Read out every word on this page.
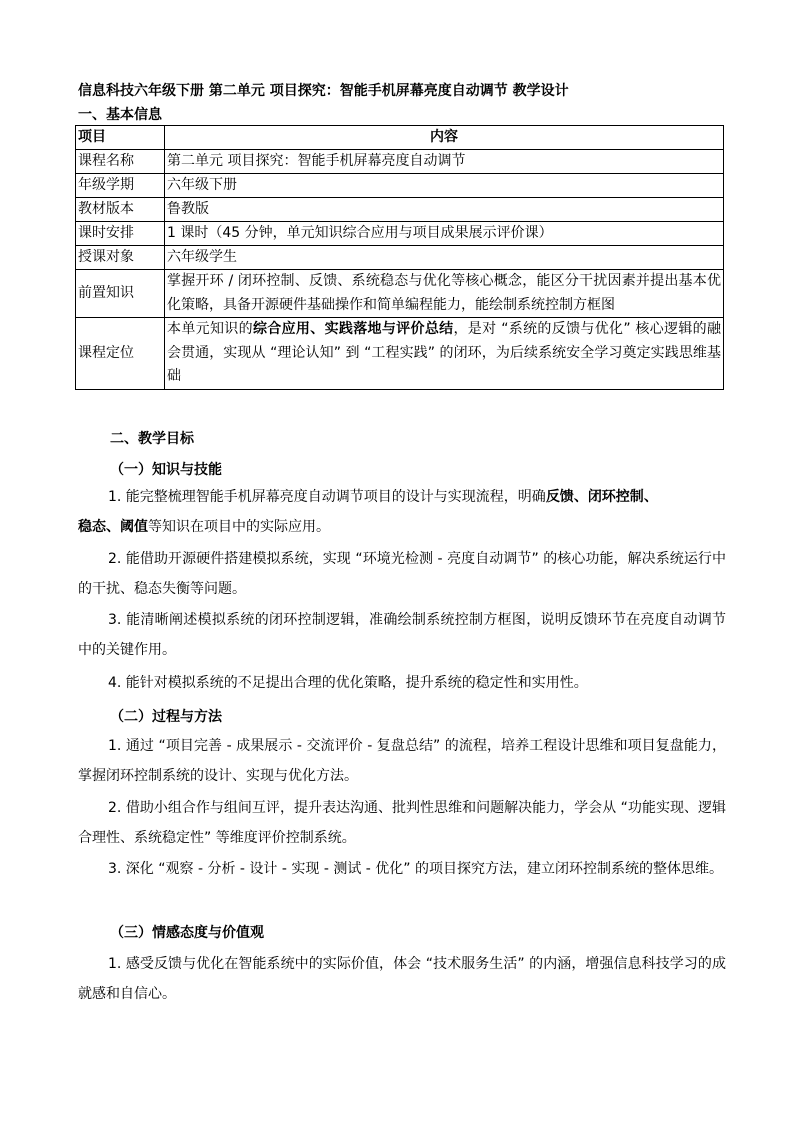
信息科技六年级下册 第二单元 项目探究：智能手机屏幕亮度自动调节 教学设计
一、基本信息
项目	内容
课程名称	第二单元 项目探究：智能手机屏幕亮度自动调节
年级学期	六年级下册
教材版本	鲁教版
课时安排	1 课时（45 分钟，单元知识综合应用与项目成果展示评价课）
授课对象	六年级学生
前置知识	掌握开环 / 闭环控制、反馈、系统稳态与优化等核心概念，能区分干扰因素并提出基本优化策略，具备开源硬件基础操作和简单编程能力，能绘制系统控制方框图
课程定位	本单元知识的综合应用、实践落地与评价总结，是对 “系统的反馈与优化” 核心逻辑的融会贯通，实现从 “理论认知” 到 “工程实践” 的闭环，为后续系统安全学习奠定实践思维基础
二、教学目标
（一）知识与技能
1. 能完整梳理智能手机屏幕亮度自动调节项目的设计与实现流程，明确反馈、闭环控制、
稳态、阈值等知识在项目中的实际应用。
2. 能借助开源硬件搭建模拟系统，实现 “环境光检测 - 亮度自动调节” 的核心功能，解决系统运行中的干扰、稳态失衡等问题。
3. 能清晰阐述模拟系统的闭环控制逻辑，准确绘制系统控制方框图，说明反馈环节在亮度自动调节中的关键作用。
4. 能针对模拟系统的不足提出合理的优化策略，提升系统的稳定性和实用性。
（二）过程与方法
1. 通过 “项目完善 - 成果展示 - 交流评价 - 复盘总结” 的流程，培养工程设计思维和项目复盘能力，掌握闭环控制系统的设计、实现与优化方法。
2. 借助小组合作与组间互评，提升表达沟通、批判性思维和问题解决能力，学会从 “功能实现、逻辑合理性、系统稳定性” 等维度评价控制系统。
3. 深化 “观察 - 分析 - 设计 - 实现 - 测试 - 优化” 的项目探究方法，建立闭环控制系统的整体思维。
（三）情感态度与价值观
1. 感受反馈与优化在智能系统中的实际价值，体会 “技术服务生活” 的内涵，增强信息科技学习的成就感和自信心。
